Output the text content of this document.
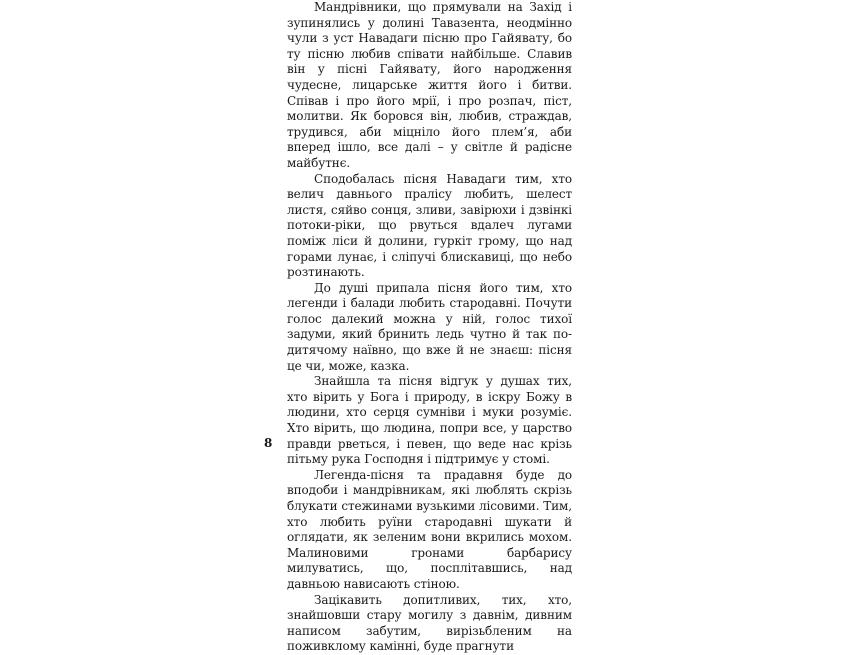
Мандрівники, що прямували на Захід і зупинялись у долині Тавазента, неодмінно чули з уст Навадаги пісню про Гайявату, бо ту пісню любив співати найбільше. Славив він у пісні Гайявату, його народження чудесне, лицарське життя його і битви. Співав і про його мрії, і про розпач, піст, молитви. Як боровся він, любив, страждав, трудився, аби міцніло його плем’я, аби вперед ішло, все далі – у світле й радісне майбутнє.

Сподобалась пісня Навадаги тим, хто велич давнього праліcу любить, шелест листя, сяйво сонця, зливи, завірюхи і дзвінкі потоки-ріки, що рвуться вдалеч лугами поміж ліси й долини, гуркіт грому, що над горами лунає, і сліпучі блискавиці, що небо розтинають.

До душі припала пісня його тим, хто легенди і балади любить стародавні. Почути голос далекий можна у ній, голос тихої задуми, який бринить ледь чутно й так по-дитячому наївно, що вже й не знаєш: пісня це чи, може, казка.

Знайшла та пісня відгук у душах тих, хто вірить у Бога і природу, в іскру Божу в людини, хто серця сумніви і муки розуміє. Хто вірить, що людина, попри все, у царство правди рветься, і певен, що веде нас крізь пітьму рука Господня і підтримує у стомі.

Легенда-пісня та прадавня буде до вподоби і мандрівникам, які люблять скрізь блукати стежинами вузькими лісовими. Тим, хто любить руїни стародавні шукати й оглядати, як зеленим вони вкрились мохом. Малиновими гронами барбарису милуватись, що, посплітавшись, над давньою нависають стіною.

Зацікавить допитливих, тих, хто, знайшовши стару могилу з давнім, дивним написом забутим, вирізьбленим на поживклому камінні, буде прагнути

8
